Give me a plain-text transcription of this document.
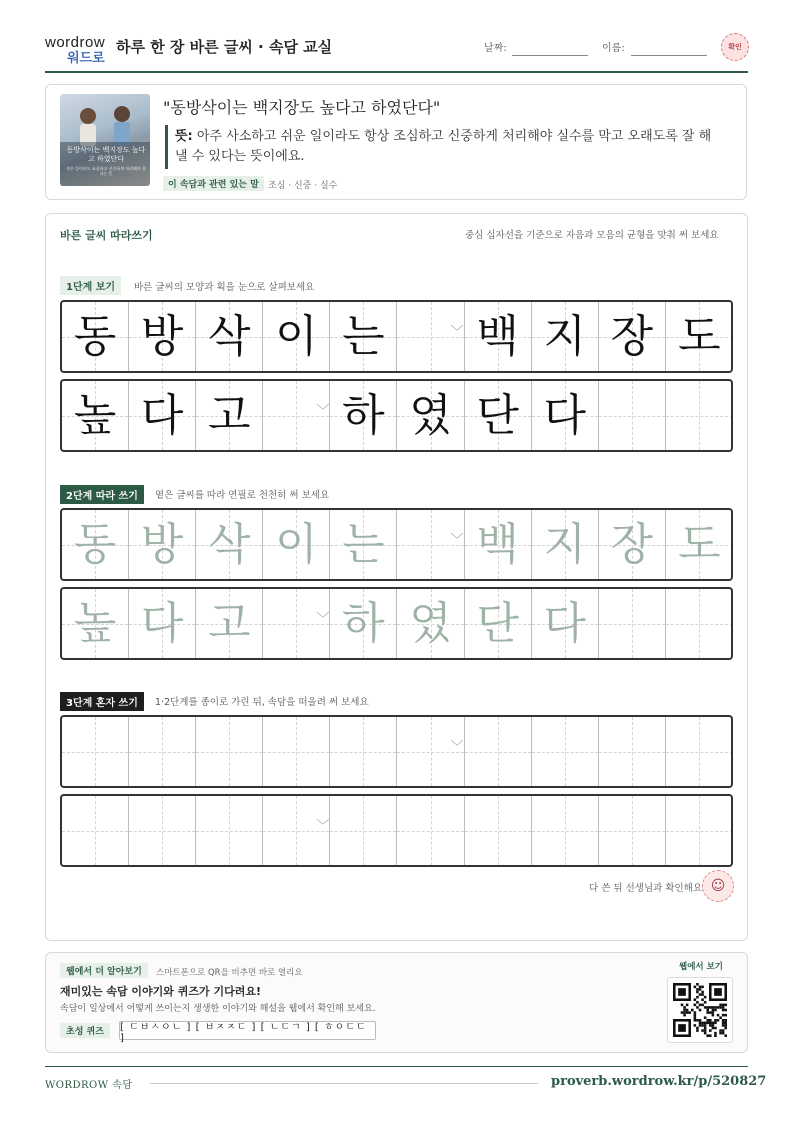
wordrow
워드로
하루 한 장 바른 글씨 · 속담 교실	날짜:	이름:	확인
동방삭이는 백지장도 높다고 하였단다
작은 일이라도 조심하고 신중하게 처리해야 한다는 뜻
"동방삭이는 백지장도 높다고 하였단다"
뜻: 아주 사소하고 쉬운 일이라도 항상 조심하고 신중하게 처리해야 실수를 막고 오래도록 잘 해 낼 수 있다는 뜻이에요.
이 속담과 관련 있는 말	조심 · 신중 · 실수
바른 글씨 따라쓰기	중심 십자선을 기준으로 자음과 모음의 균형을 맞춰 써 보세요
1단계 보기	바른 글씨의 모양과 획을 눈으로 살펴보세요
동 방 삭 이 는	﹀ 백 지 장 도
높 다 고	﹀ 하 였 단 다
2단계 따라 쓰기	옅은 글씨를 따라 연필로 천천히 써 보세요
동 방 삭 이 는	﹀ 백 지 장 도
높 다 고	﹀ 하 였 단 다
3단계 혼자 쓰기	1·2단계를 종이로 가린 뒤, 속담을 떠올려 써 보세요
﹀
﹀
다 쓴 뒤 선생님과 확인해요 ☺
웹에서 더 알아보기	스마트폰으로 QR을 비추면 바로 열리요
재미있는 속담 이야기와 퀴즈가 기다려요!
속담이 일상에서 어떻게 쓰이는지 생생한 이야기와 해설을 웹에서 확인해 보세요.
초성 퀴즈	[ ㄷㅂㅅㅇㄴ ] [ ㅂㅈㅈㄷ ] [ ㄴㄷㄱ ] [ ㅎㅇㄷㄷ ]
웹에서 보기
WORDROW 속담	proverb.wordrow.kr/p/520827
